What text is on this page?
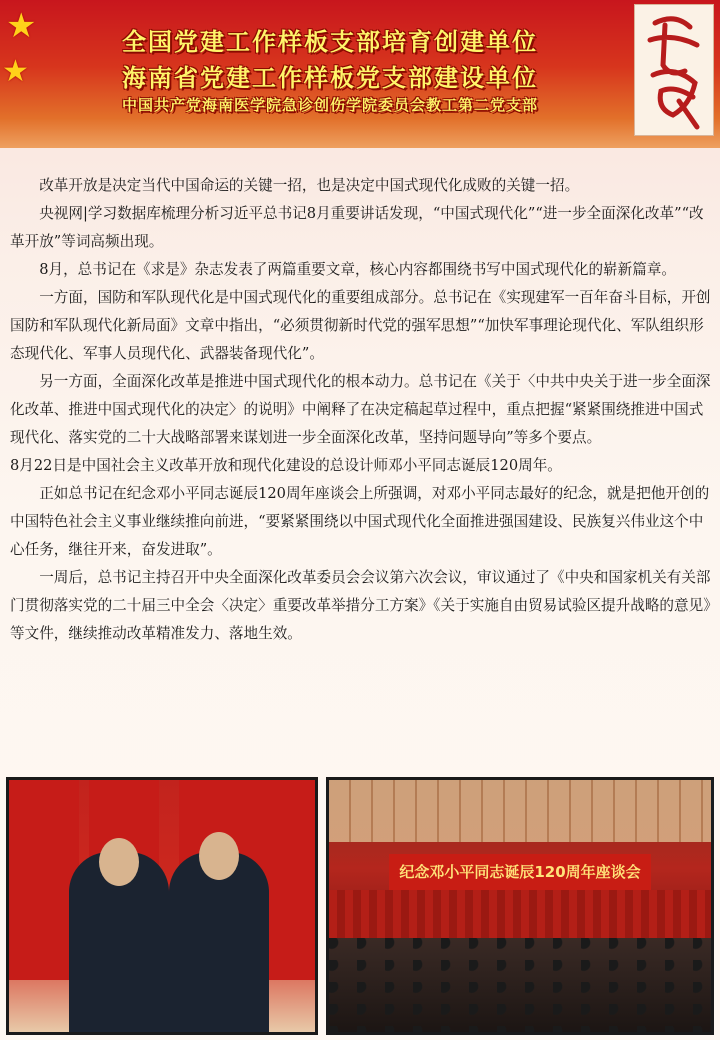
★
★
全国党建工作样板支部培育创建单位
海南省党建工作样板党支部建设单位
中国共产党海南医学院急诊创伤学院委员会教工第二党支部

改革开放是决定当代中国命运的关键一招，也是决定中国式现代化成败的关键一招。

央视网|学习数据库梳理分析习近平总书记8月重要讲话发现，“中国式现代化”“进一步全面深化改革”“改革开放”等词高频出现。

8月，总书记在《求是》杂志发表了两篇重要文章，核心内容都围绕书写中国式现代化的崭新篇章。

一方面，国防和军队现代化是中国式现代化的重要组成部分。总书记在《实现建军一百年奋斗目标，开创国防和军队现代化新局面》文章中指出，“必须贯彻新时代党的强军思想”“加快军事理论现代化、军队组织形态现代化、军事人员现代化、武器装备现代化”。

另一方面，全面深化改革是推进中国式现代化的根本动力。总书记在《关于〈中共中央关于进一步全面深化改革、推进中国式现代化的决定〉的说明》中阐释了在决定稿起草过程中，重点把握“紧紧围绕推进中国式现代化、落实党的二十大战略部署来谋划进一步全面深化改革，坚持问题导向”等多个要点。

8月22日是中国社会主义改革开放和现代化建设的总设计师邓小平同志诞辰120周年。

正如总书记在纪念邓小平同志诞辰120周年座谈会上所强调，对邓小平同志最好的纪念，就是把他开创的中国特色社会主义事业继续推向前进，“要紧紧围绕以中国式现代化全面推进强国建设、民族复兴伟业这个中心任务，继往开来，奋发进取”。

一周后，总书记主持召开中央全面深化改革委员会会议第六次会议，审议通过了《中央和国家机关有关部门贯彻落实党的二十届三中全会〈决定〉重要改革举措分工方案》《关于实施自由贸易试验区提升战略的意见》等文件，继续推动改革精准发力、落地生效。

纪念邓小平同志诞辰120周年座谈会
